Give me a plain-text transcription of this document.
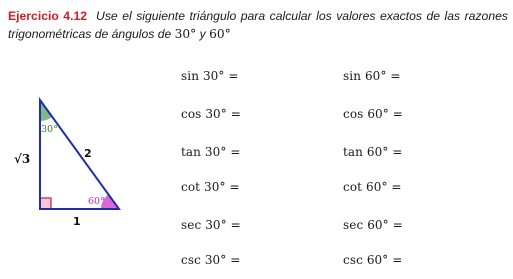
Ejercicio 4.12 Use el siguiente triángulo para calcular los valores exactos de las razones
trigonométricas de ángulos de 30° y 60°
30°
60°
√3	2
1
sin 30° =
cos 30° =
tan 30° =
cot 30° =
sec 30° =
csc 30° =
sin 60° =
cos 60° =
tan 60° =
cot 60° =
sec 60° =
csc 60° =
